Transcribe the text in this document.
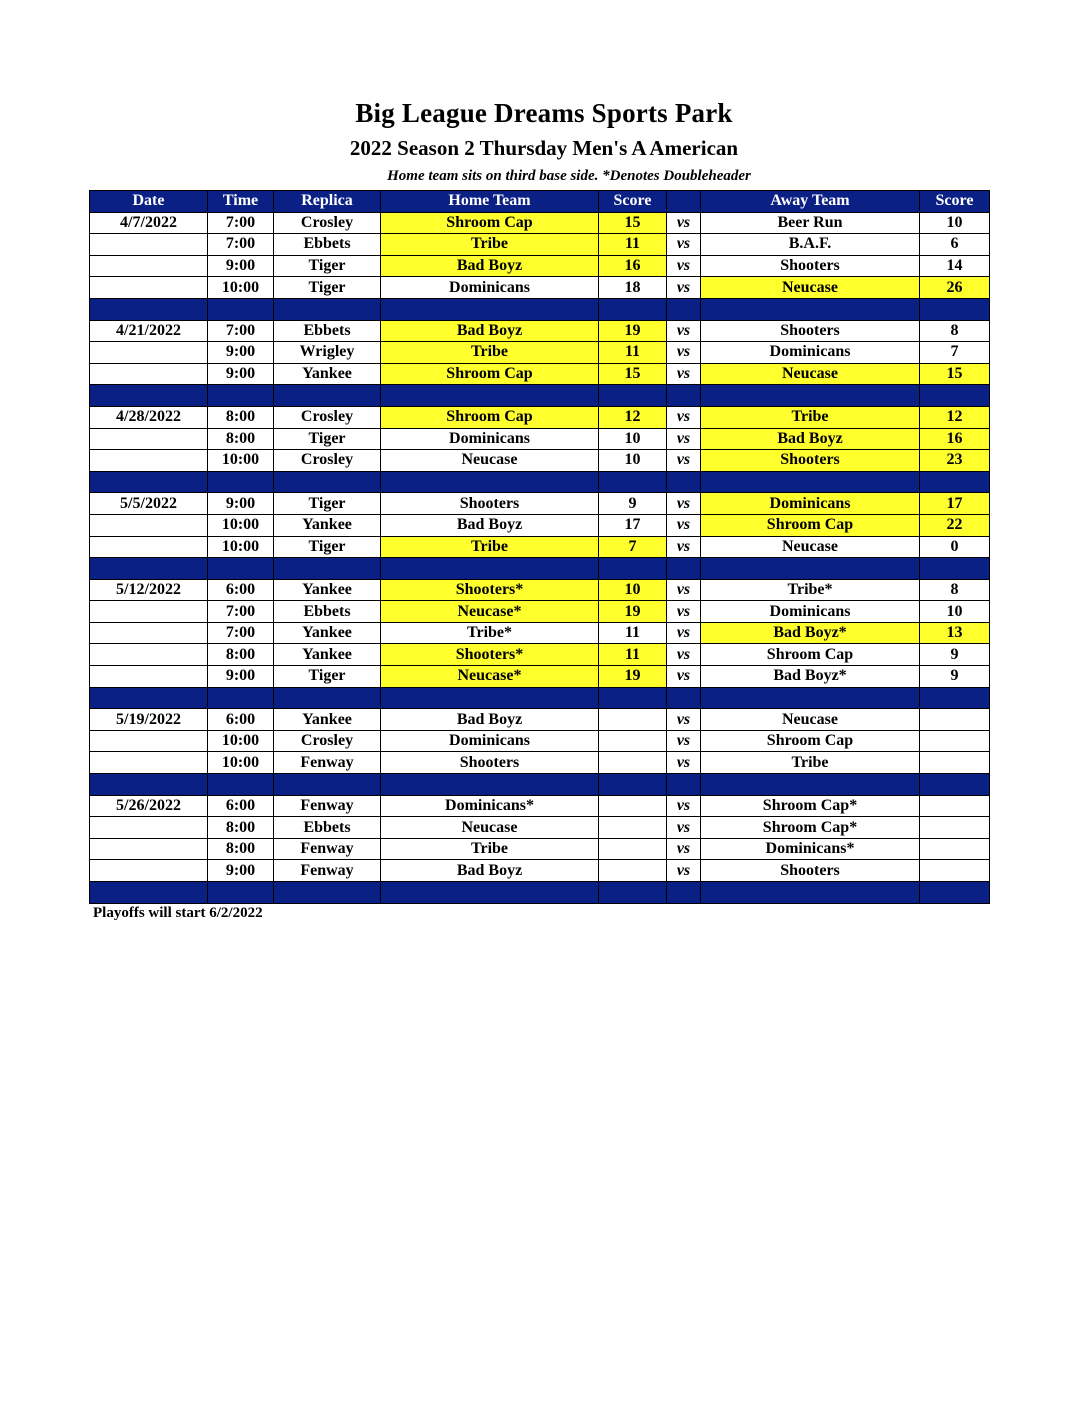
Big League Dreams Sports Park
2022 Season 2 Thursday Men's A American
Home team sits on third base side. *Denotes Doubleheader
Date	Time	Replica	Home Team	Score		Away Team	Score
4/7/2022	7:00	Crosley	Shroom Cap	15	vs	Beer Run	10
	7:00	Ebbets	Tribe	11	vs	B.A.F.	6
	9:00	Tiger	Bad Boyz	16	vs	Shooters	14
	10:00	Tiger	Dominicans	18	vs	Neucase	26

4/21/2022	7:00	Ebbets	Bad Boyz	19	vs	Shooters	8
	9:00	Wrigley	Tribe	11	vs	Dominicans	7
	9:00	Yankee	Shroom Cap	15	vs	Neucase	15

4/28/2022	8:00	Crosley	Shroom Cap	12	vs	Tribe	12
	8:00	Tiger	Dominicans	10	vs	Bad Boyz	16
	10:00	Crosley	Neucase	10	vs	Shooters	23

5/5/2022	9:00	Tiger	Shooters	9	vs	Dominicans	17
	10:00	Yankee	Bad Boyz	17	vs	Shroom Cap	22
	10:00	Tiger	Tribe	7	vs	Neucase	0

5/12/2022	6:00	Yankee	Shooters*	10	vs	Tribe*	8
	7:00	Ebbets	Neucase*	19	vs	Dominicans	10
	7:00	Yankee	Tribe*	11	vs	Bad Boyz*	13
	8:00	Yankee	Shooters*	11	vs	Shroom Cap	9
	9:00	Tiger	Neucase*	19	vs	Bad Boyz*	9

5/19/2022	6:00	Yankee	Bad Boyz		vs	Neucase	
	10:00	Crosley	Dominicans		vs	Shroom Cap	
	10:00	Fenway	Shooters		vs	Tribe	

5/26/2022	6:00	Fenway	Dominicans*		vs	Shroom Cap*	
	8:00	Ebbets	Neucase		vs	Shroom Cap*	
	8:00	Fenway	Tribe		vs	Dominicans*	
	9:00	Fenway	Bad Boyz		vs	Shooters	

Playoffs will start 6/2/2022
